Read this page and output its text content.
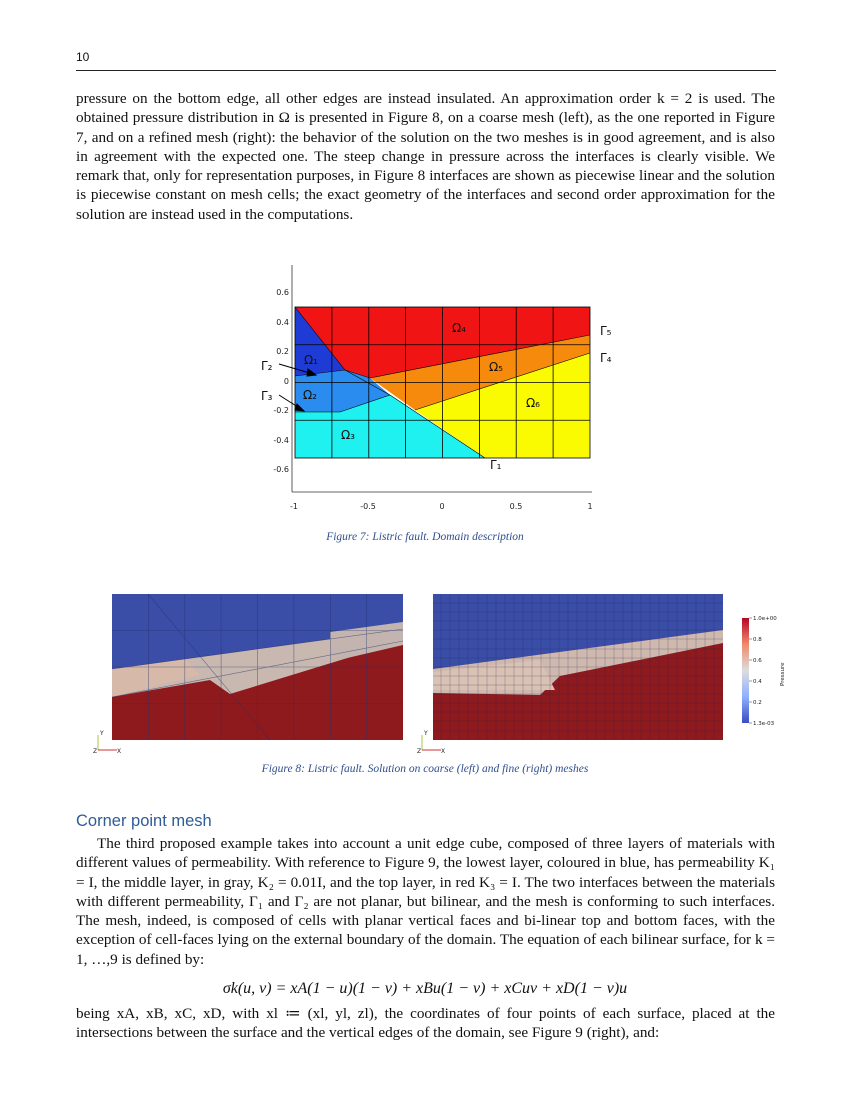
10

pressure on the bottom edge, all other edges are instead insulated. An approximation order k = 2 is used. The obtained pressure distribution in Ω is presented in Figure 8, on a coarse mesh (left), as the one reported in Figure 7, and on a refined mesh (right): the behavior of the solution on the two meshes is in good agreement, and is also in agreement with the expected one. The steep change in pressure across the interfaces is clearly visible. We remark that, only for representation purposes, in Figure 8 interfaces are shown as piecewise linear and the solution is piecewise constant on mesh cells; the exact geometry of the interfaces and second order approximation for the solution are instead used in the computations.

0.6
0.4
0.2
0
-0.2
-0.4
-0.6
-1	-0.5	0	0.5	1
Ω₁
Ω₂
Ω₃
Ω₄
Ω₅
Ω₆
Γ₁
Γ₂
Γ₃
Γ₄
Γ₅
Figure 7: Listric fault. Domain description
Y
X
Z
Y
X
Z
1.0e+00
0.8
0.6
0.4
0.2
1.3e-03
Pressure
Figure 8: Listric fault. Solution on coarse (left) and fine (right) meshes
Corner point mesh

The third proposed example takes into account a unit edge cube, composed of three layers of materials with different values of permeability. With reference to Figure 9, the lowest layer, coloured in blue, has permeability K₁ = I, the middle layer, in gray, K₂ = 0.01I, and the top layer, in red K₃ = I. The two interfaces between the materials with different permeability, Γ₁ and Γ₂ are not planar, but bilinear, and the mesh is conforming to such interfaces. The mesh, indeed, is composed of cells with planar vertical faces and bi-linear top and bottom faces, with the exception of cell-faces lying on the external boundary of the domain. The equation of each bilinear surface, for k = 1, …,9 is defined by:

σk(u, v) = xA(1 − u)(1 − v) + xBu(1 − v) + xCuv + xD(1 − v)u

being xA, xB, xC, xD, with xl ≔ (xl, yl, zl), the coordinates of four points of each surface, placed at the intersections between the surface and the vertical edges of the domain, see Figure 9 (right), and:
